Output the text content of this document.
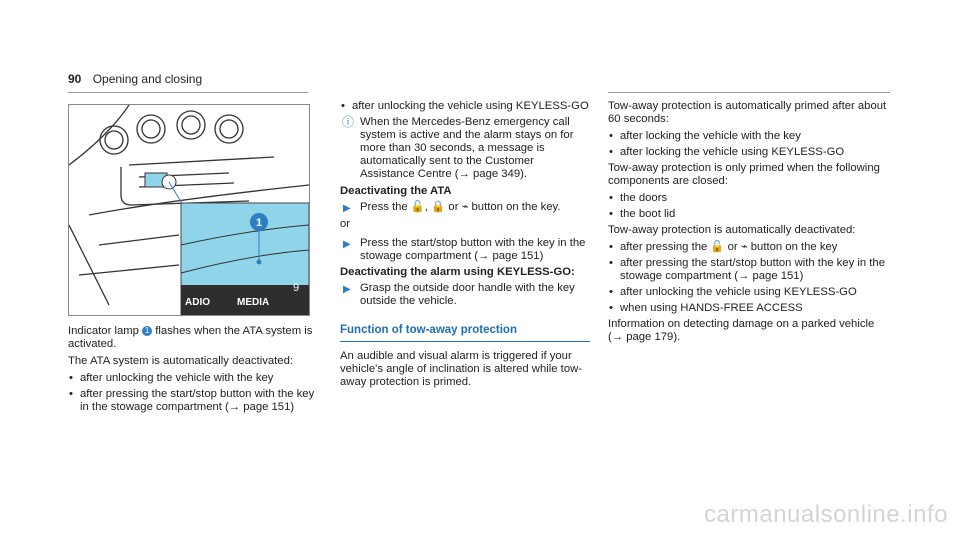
90 Opening and closing
ADIO	MEDIA
9
1

Indicator lamp 1 flashes when the ATA system is activated.

The ATA system is automatically deactivated:

• after unlocking the vehicle with the key
• after pressing the start/stop button with the key in the stowage compartment (→ page 151)
• after unlocking the vehicle using KEYLESS-GO
ⓘ When the Mercedes-Benz emergency call system is active and the alarm stays on for more than 30 seconds, a message is automatically sent to the Customer Assistance Centre (→ page 349).
Deactivating the ATA
▶ Press the 🔓, 🔒 or ⌁ button on the key.

or

▶ Press the start/stop button with the key in the stowage compartment (→ page 151)
Deactivating the alarm using KEYLESS-GO:
▶ Grasp the outside door handle with the key outside the vehicle.
Function of tow-away protection

An audible and visual alarm is triggered if your vehicle's angle of inclination is altered while tow-away protection is primed.

Tow-away protection is automatically primed after about 60 seconds:

• after locking the vehicle with the key
• after locking the vehicle using KEYLESS-GO

Tow-away protection is only primed when the following components are closed:

• the doors
• the boot lid

Tow-away protection is automatically deactivated:

• after pressing the 🔓 or ⌁ button on the key
• after pressing the start/stop button with the key in the stowage compartment (→ page 151)
• after unlocking the vehicle using KEYLESS-GO
• when using HANDS-FREE ACCESS

Information on detecting damage on a parked vehicle (→ page 179).

carmanualsonline.info
